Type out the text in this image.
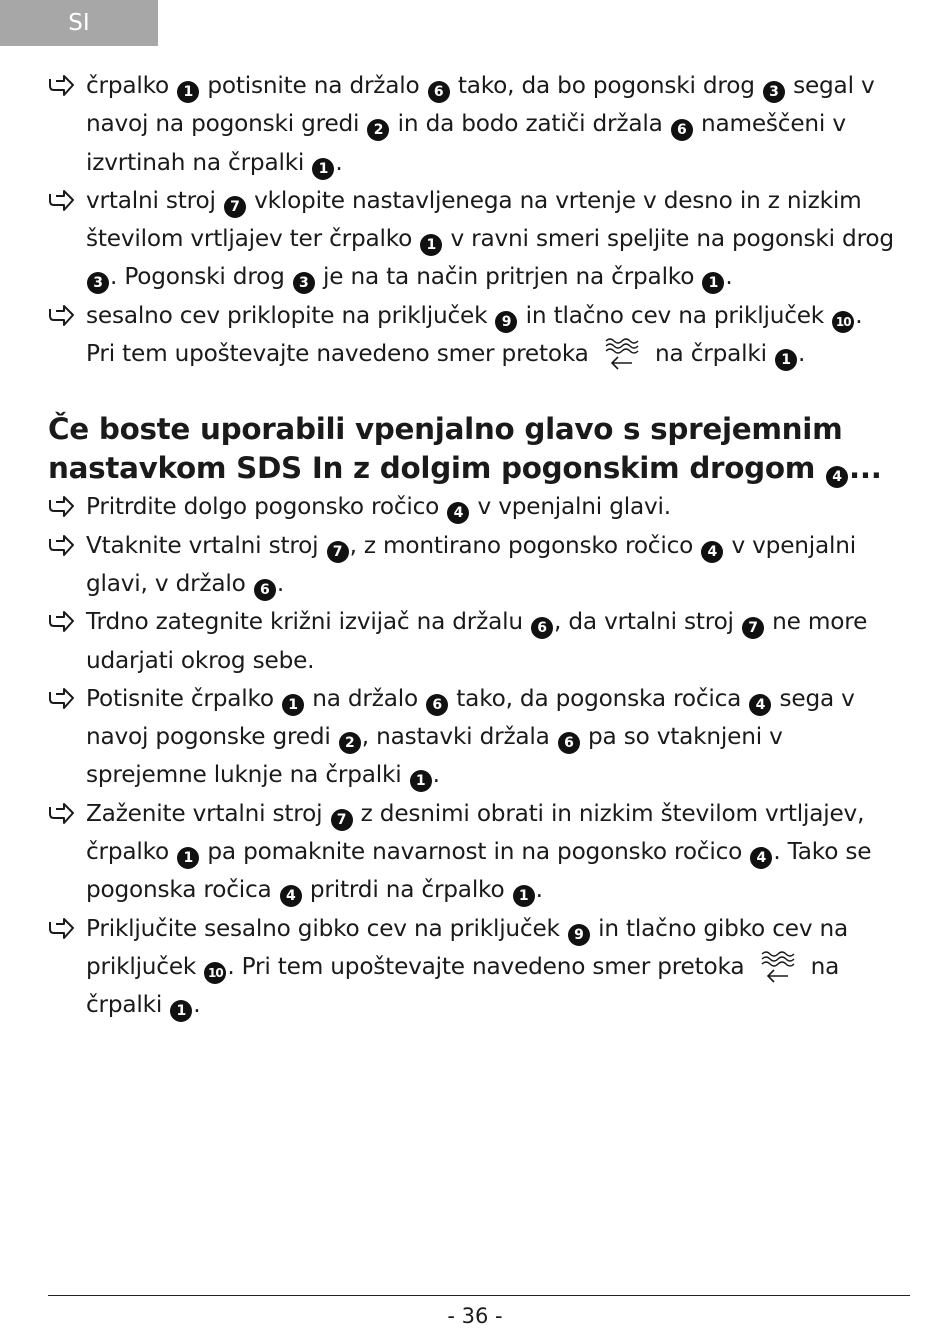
SI
črpalko 1 potisnite na držalo 6 tako, da bo pogonski drog 3 segal v navoj na pogonski gredi 2 in da bodo zatiči držala 6 nameščeni v izvrtinah na črpalki 1 .
vrtalni stroj 7 vklopite nastavljenega na vrtenje v desno in z nizkim številom vrtljajev ter črpalko 1 v ravni smeri speljite na pogonski drog 3 . Pogonski drog 3 je na ta način pritrjen na črpalko 1 .
sesalno cev priklopite na priključek 9 in tlačno cev na priključek 10 . Pri tem upoštevajte navedeno smer pretoka  na črpalki 1 .
Če boste uporabili vpenjalno glavo s sprejemnim nastavkom SDS In z dolgim pogonskim drogom 4 ...
Pritrdite dolgo pogonsko ročico 4 v vpenjalni glavi.
Vtaknite vrtalni stroj 7 , z montirano pogonsko ročico 4 v vpenjalni glavi, v držalo 6 .
Trdno zategnite križni izvijač na držalu 6 , da vrtalni stroj 7 ne more udarjati okrog sebe.
Potisnite črpalko 1 na držalo 6 tako, da pogonska ročica 4 sega v navoj pogonske gredi 2 , nastavki držala 6 pa so vtaknjeni v sprejemne luknje na črpalki 1 .
Zaženite vrtalni stroj 7 z desnimi obrati in nizkim številom vrtljajev, črpalko 1 pa pomaknite navarnost in na pogonsko ročico 4 . Tako se pogonska ročica 4 pritrdi na črpalko 1 .
Priključite sesalno gibko cev na priključek 9 in tlačno gibko cev na priključek 10 . Pri tem upoštevajte navedeno smer pretoka  na črpalki 1 .
- 36 -
